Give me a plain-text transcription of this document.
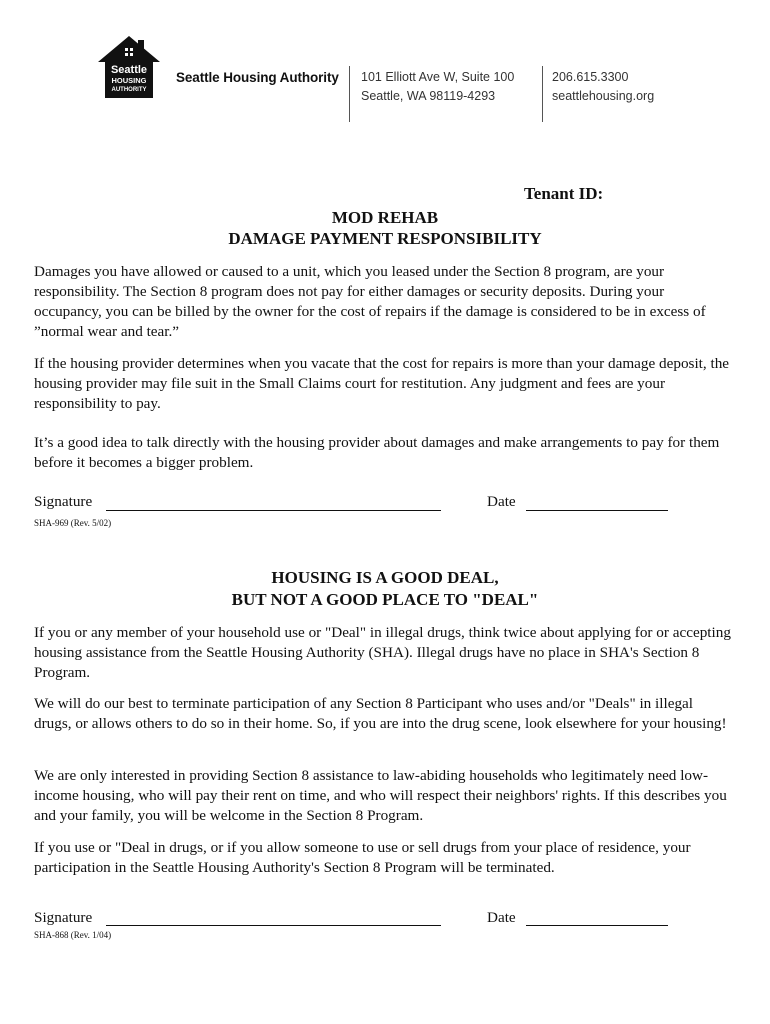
Seattle
HOUSING
AUTHORITY
Seattle Housing Authority 101 Elliott Ave W, Suite 100
Seattle, WA 98119-4293
206.615.3300
seattlehousing.org
Tenant ID:
MOD REHAB
DAMAGE PAYMENT RESPONSIBILITY

Damages you have allowed or caused to a unit, which you leased under the Section 8 program, are your responsibility. The Section 8 program does not pay for either damages or security deposits. During your occupancy, you can be billed by the owner for the cost of repairs if the damage is considered to be in excess of ”normal wear and tear.”

If the housing provider determines when you vacate that the cost for repairs is more than your damage deposit, the housing provider may file suit in the Small Claims court for restitution. Any judgment and fees are your responsibility to pay.

It’s a good idea to talk directly with the housing provider about damages and make arrangements to pay for them before it becomes a bigger problem.

Signature	Date
SHA-969 (Rev. 5/02)
HOUSING IS A GOOD DEAL,
BUT NOT A GOOD PLACE TO "DEAL"

If you or any member of your household use or "Deal" in illegal drugs, think twice about applying for or accepting housing assistance from the Seattle Housing Authority (SHA). Illegal drugs have no place in SHA's Section 8 Program.

We will do our best to terminate participation of any Section 8 Participant who uses and/or "Deals" in illegal drugs, or allows others to do so in their home. So, if you are into the drug scene, look elsewhere for your housing!

We are only interested in providing Section 8 assistance to law-abiding households who legitimately need low-income housing, who will pay their rent on time, and who will respect their neighbors' rights. If this describes you and your family, you will be welcome in the Section 8 Program.

If you use or "Deal in drugs, or if you allow someone to use or sell drugs from your place of residence, your participation in the Seattle Housing Authority's Section 8 Program will be terminated.

Signature	Date
SHA-868 (Rev. 1/04)
